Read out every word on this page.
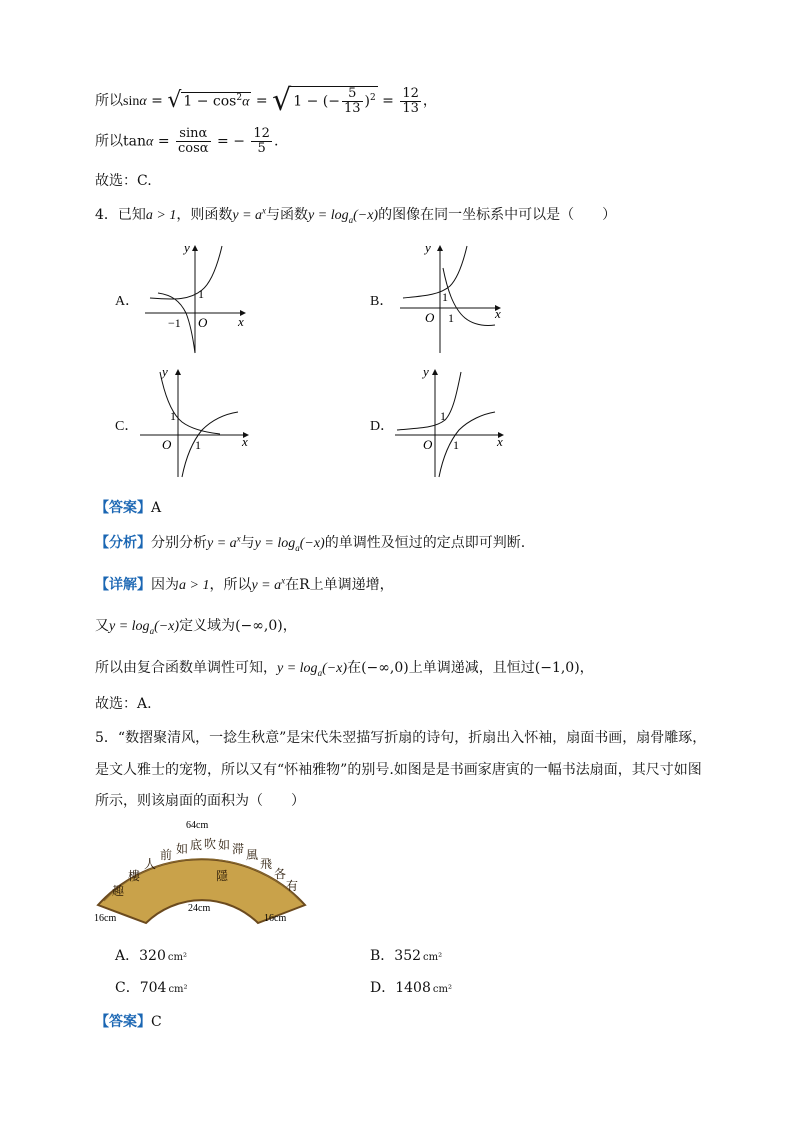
所以sinα = √ $1 - \cos^2\alpha$ = √ 1 − (− $\frac{5}{13} )^2 = \frac{12}{13}$ ，
所以$\tan\alpha = \frac{\sin\alpha}{\cos\alpha}$ = − $\frac{12}{5}$ .
故选：C.
4．已知a > 1，则函数$y = a^x$与函数$y = \log_a(-x)$的图像在同一坐标系中可以是（　　）
A．
y
x
O
1
−1
B．
y
x
O
1
1
C．
y
x
O
1
1
D．
y
x
O
1
1
【答案】A
【分析】分别分析$y = a^x$与$y = \log_a(-x)$的单调性及恒过的定点即可判断.
【详解】因为a > 1，所以$y = a^x$在R上单调递增，
又$y = \log_a(-x)$定义域为(−∞,0)，
所以由复合函数单调性可知，$y = \log_a(-x)$在(−∞,0)上单调递减，且恒过(−1,0)，
故选：A.
5．“数摺聚清风，一捻生秋意”是宋代朱翌描写折扇的诗句，折扇出入怀袖，扇面书画，扇骨雕琢，
是文人雅士的宠物，所以又有“怀袖雅物”的别号.如图是是书画家唐寅的一幅书法扇面，其尺寸如图
所示，则该扇面的面积为（　　）
趣
樓
人
前 如 底 吹 如 滞 風
飛
各
有
隱
64cm
24cm
16cm	16cm
A．320 cm²	B．352 cm²
C．704 cm²	D．1408 cm²
【答案】C
